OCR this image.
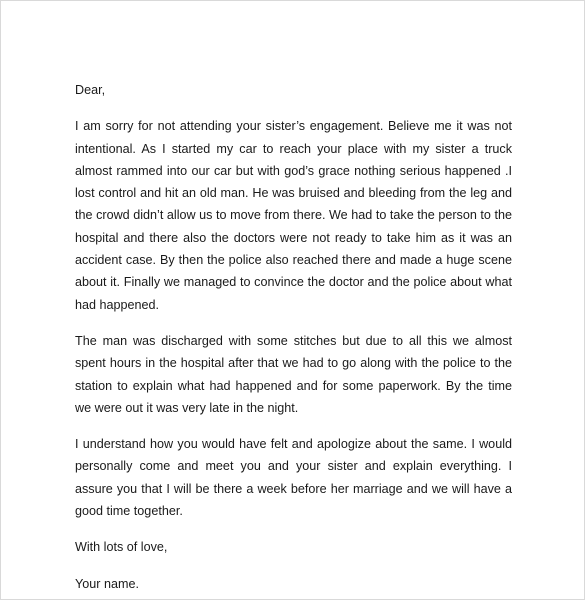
Dear,

I am sorry for not attending your sister’s engagement. Believe me it was not intentional. As I started my car to reach your place with my sister a truck almost rammed into our car but with god’s grace nothing serious happened .I lost control and hit an old man. He was bruised and bleeding from the leg and the crowd didn’t allow us to move from there. We had to take the person to the hospital and there also the doctors were not ready to take him as it was an accident case. By then the police also reached there and made a huge scene about it. Finally we managed to convince the doctor and the police about what had happened.

The man was discharged with some stitches but due to all this we almost spent hours in the hospital after that we had to go along with the police to the station to explain what had happened and for some paperwork. By the time we were out it was very late in the night.

I understand how you would have felt and apologize about the same. I would personally come and meet you and your sister and explain everything. I assure you that I will be there a week before her marriage and we will have a good time together.

With lots of love,

Your name.
